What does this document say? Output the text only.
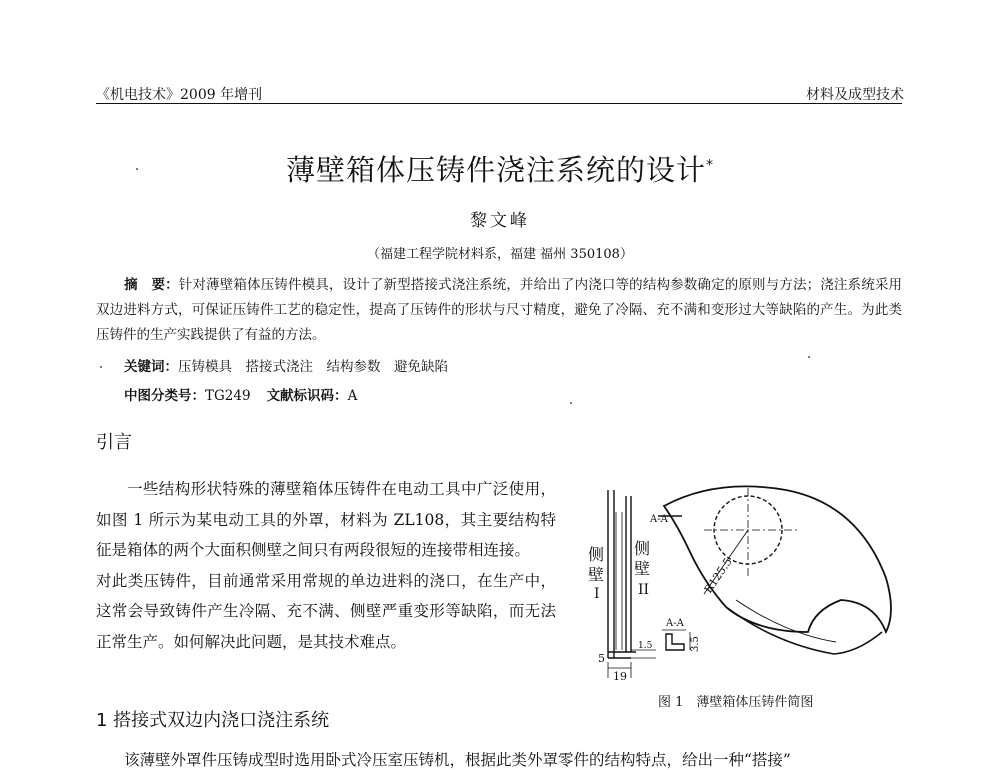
《机电技术》2009 年增刊	材料及成型技术
薄壁箱体压铸件浇注系统的设计*
黎文峰
（福建工程学院材料系，福建 福州 350108）
摘　要：针对薄壁箱体压铸件模具，设计了新型搭接式浇注系统，并给出了内浇口等的结构参数确定的原则与方法；浇注系统采用双边进料方式，可保证压铸件工艺的稳定性，提高了压铸件的形状与尺寸精度，避免了冷隔、充不满和变形过大等缺陷的产生。为此类压铸件的生产实践提供了有益的方法。
关键词：压铸模具　搭接式浇注　结构参数　避免缺陷
中图分类号：TG249 文献标识码：A
引言

一些结构形状特殊的薄壁箱体压铸件在电动工具中广泛使用，如图 1 所示为某电动工具的外罩，材料为 ZL108，其主要结构特征是箱体的两个大面积侧壁之间只有两段很短的连接带相连接。

对此类压铸件，目前通常采用常规的单边进料的浇口，在生产中，这常会导致铸件产生冷隔、充不满、侧壁严重变形等缺陷，而无法正常生产。如何解决此问题，是其技术难点。

侧
壁
I
侧
壁
II
A-A
A-A
R125.5
5
19
3.5
1.5
图 1　薄壁箱体压铸件简图
1 搭接式双边内浇口浇注系统
该薄壁外罩件压铸成型时选用卧式冷压室压铸机，根据此类外罩零件的结构特点，给出一种“搭接”
